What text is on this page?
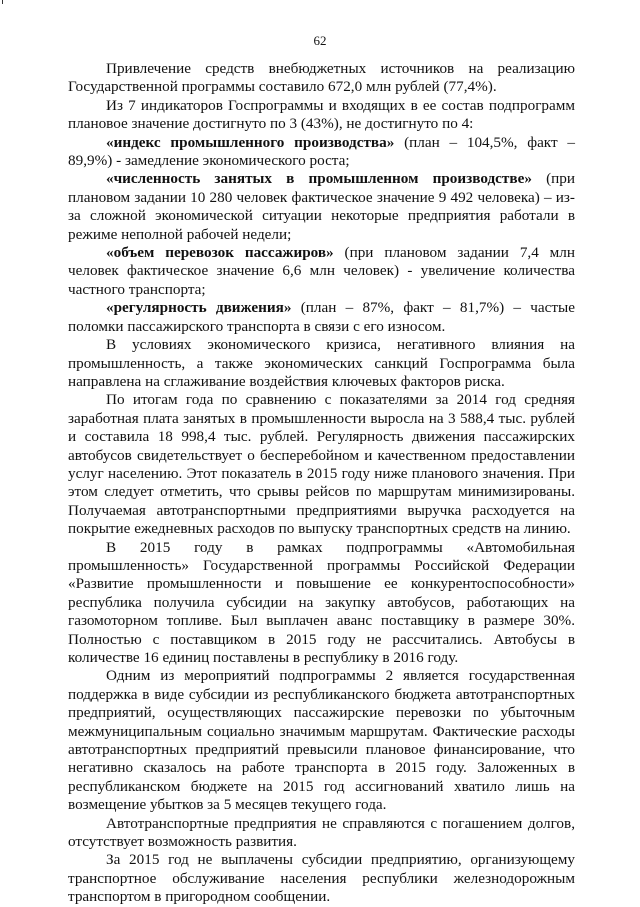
62

Привлечение средств внебюджетных источников на реализацию Государственной программы составило 672,0 млн рублей (77,4%).

Из 7 индикаторов Госпрограммы и входящих в ее состав подпрограмм плановое значение достигнуто по 3 (43%), не достигнуто по 4:

«индекс промышленного производства» (план – 104,5%, факт – 89,9%) - замедление экономического роста;

«численность занятых в промышленном производстве» (при плановом задании 10 280 человек фактическое значение 9 492 человека) – из-за сложной экономической ситуации некоторые предприятия работали в режиме неполной рабочей недели;

«объем перевозок пассажиров» (при плановом задании 7,4 млн человек фактическое значение 6,6 млн человек) - увеличение количества частного транспорта;

«регулярность движения» (план – 87%, факт – 81,7%) – частые поломки пассажирского транспорта в связи с его износом.

В условиях экономического кризиса, негативного влияния на промышленность, а также экономических санкций Госпрограмма была направлена на сглаживание воздействия ключевых факторов риска.

По итогам года по сравнению с показателями за 2014 год средняя заработная плата занятых в промышленности выросла на 3 588,4 тыс. рублей и составила 18 998,4 тыс. рублей. Регулярность движения пассажирских автобусов свидетельствует о бесперебойном и качественном предоставлении услуг населению. Этот показатель в 2015 году ниже планового значения. При этом следует отметить, что срывы рейсов по маршрутам минимизированы. Получаемая автотранспортными предприятиями выручка расходуется на покрытие ежедневных расходов по выпуску транспортных средств на линию.

В 2015 году в рамках подпрограммы «Автомобильная промышленность» Государственной программы Российской Федерации «Развитие промышленности и повышение ее конкурентоспособности» республика получила субсидии на закупку автобусов, работающих на газомоторном топливе. Был выплачен аванс поставщику в размере 30%. Полностью с поставщиком в 2015 году не рассчитались. Автобусы в количестве 16 единиц поставлены в республику в 2016 году.

Одним из мероприятий подпрограммы 2 является государственная поддержка в виде субсидии из республиканского бюджета автотранспортных предприятий, осуществляющих пассажирские перевозки по убыточным межмуниципальным социально значимым маршрутам. Фактические расходы автотранспортных предприятий превысили плановое финансирование, что негативно сказалось на работе транспорта в 2015 году. Заложенных в республиканском бюджете на 2015 год ассигнований хватило лишь на возмещение убытков за 5 месяцев текущего года.

Автотранспортные предприятия не справляются с погашением долгов, отсутствует возможность развития.

За 2015 год не выплачены субсидии предприятию, организующему транспортное обслуживание населения республики железнодорожным транспортом в пригородном сообщении.
